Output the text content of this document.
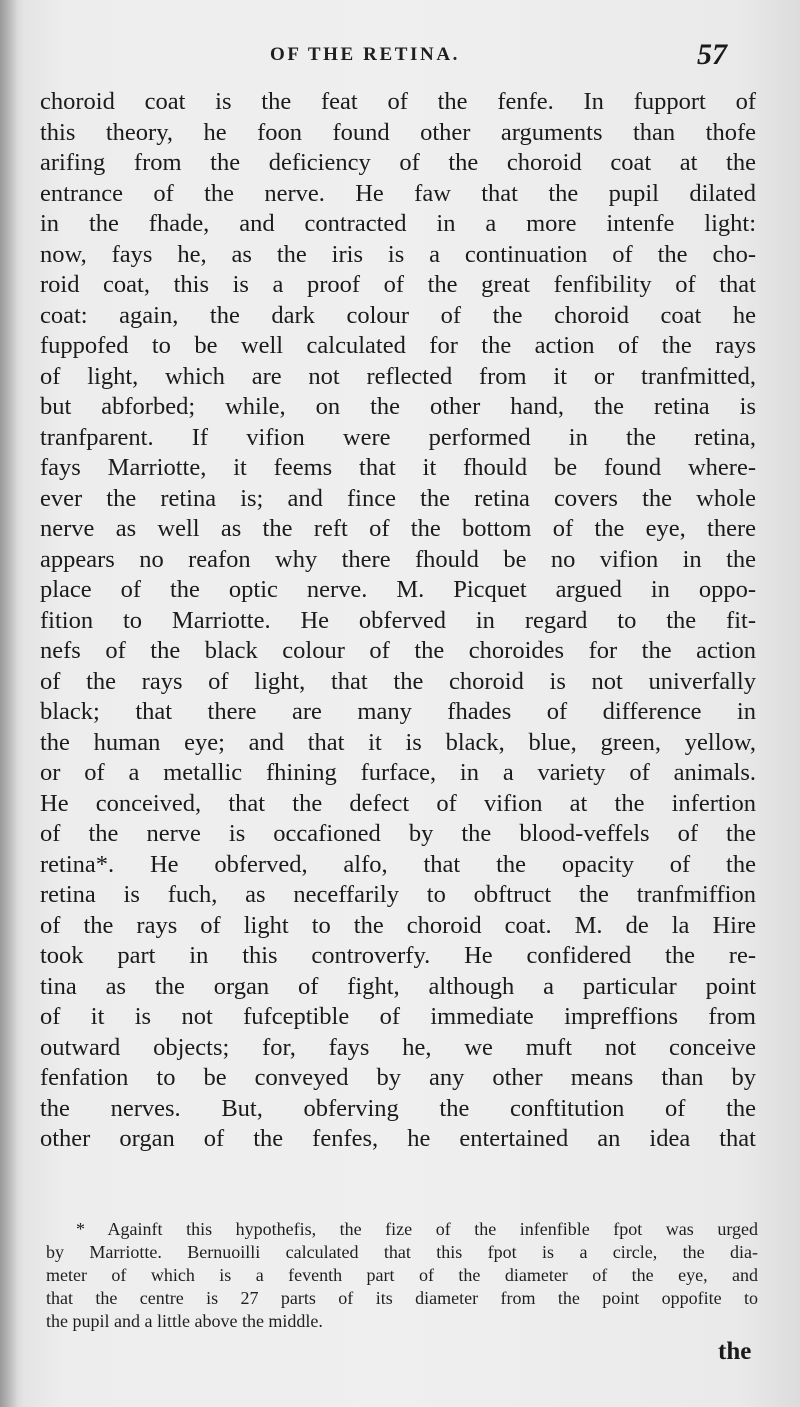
OF THE RETINA.	57
choroid coat is the feat of the fenfe. In fupport of
this theory, he foon found other arguments than thofe
arifing from the deficiency of the choroid coat at the
entrance of the nerve. He faw that the pupil dilated
in the fhade, and contracted in a more intenfe light:
now, fays he, as the iris is a continuation of the cho-
roid coat, this is a proof of the great fenfibility of that
coat: again, the dark colour of the choroid coat he
fuppofed to be well calculated for the action of the rays
of light, which are not reflected from it or tranfmitted,
but abforbed; while, on the other hand, the retina is
tranfparent. If vifion were performed in the retina,
fays Marriotte, it feems that it fhould be found where-
ever the retina is; and fince the retina covers the whole
nerve as well as the reft of the bottom of the eye, there
appears no reafon why there fhould be no vifion in the
place of the optic nerve. M. Picquet argued in oppo-
fition to Marriotte. He obferved in regard to the fit-
nefs of the black colour of the choroides for the action
of the rays of light, that the choroid is not univerfally
black; that there are many fhades of difference in
the human eye; and that it is black, blue, green, yellow,
or of a metallic fhining furface, in a variety of animals.
He conceived, that the defect of vifion at the infertion
of the nerve is occafioned by the blood-veffels of the
retina*. He obferved, alfo, that the opacity of the
retina is fuch, as neceffarily to obftruct the tranfmiffion
of the rays of light to the choroid coat. M. de la Hire
took part in this controverfy. He confidered the re-
tina as the organ of fight, although a particular point
of it is not fufceptible of immediate impreffions from
outward objects; for, fays he, we muft not conceive
fenfation to be conveyed by any other means than by
the nerves. But, obferving the conftitution of the
other organ of the fenfes, he entertained an idea that
* Againft this hypothefis, the fize of the infenfible fpot was urged
by Marriotte. Bernuoilli calculated that this fpot is a circle, the dia-
meter of which is a feventh part of the diameter of the eye, and
that the centre is 27 parts of its diameter from the point oppofite to
the pupil and a little above the middle.
the
